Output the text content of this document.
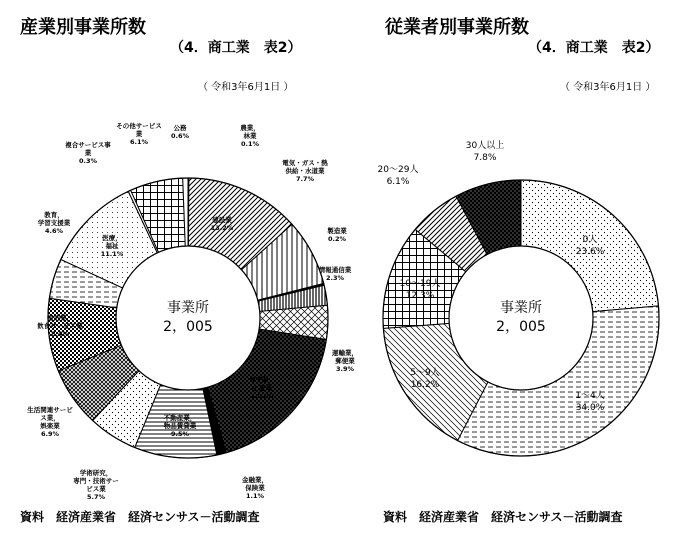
産業別事業所数
（4．商工業　表2）
（ 令和3年6月1日 ）
従業者別事業所数
（4．商工業　表2）
（ 令和3年6月1日 ）
事業所
2，005
事業所
2，005
農業，林業 0.1%
建設業 13.2%
電気・ガス・熱供給・水道業 7.7%
製造業 0.2%
情報通信業 2.3%
運輸業，郵便業 3.9%
卸売業，小売業 18.1%
金融業，保険業 1.1%
不動産業，物品賃貸業 9.5%
学術研究，専門・技術サービス業 5.7%
生活関連サービス業，娯楽業 6.9%
宿泊業，飲食サービス業 8.4%
教育，学習支援業 4.6%
医療，福祉 11.1%
複合サービス事業 0.3%
その他サービス業 6.1%
公務 0.6%
0人 23.6%
1～4人 34.0%
5～9人 16.2%
10～19人 12.3%
20～29人 6.1%
30人以上 7.8%
資料　経済産業省　経済センサス－活動調査	資料　経済産業省　経済センサス－活動調査
